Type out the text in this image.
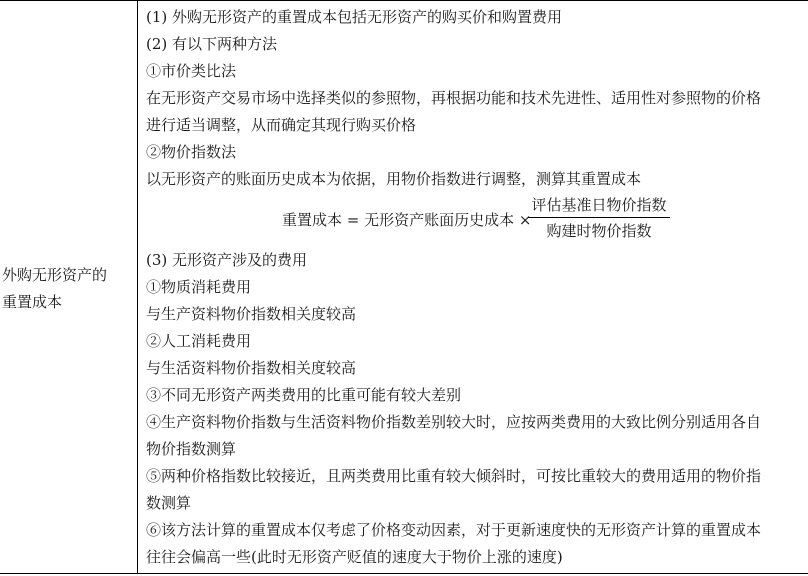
外购无形资产的
重置成本
(1) 外购无形资产的重置成本包括无形资产的购买价和购置费用
(2) 有以下两种方法
①市价类比法
在无形资产交易市场中选择类似的参照物，再根据功能和技术先进性、适用性对参照物的价格
进行适当调整，从而确定其现行购买价格
②物价指数法
以无形资产的账面历史成本为依据，用物价指数进行调整，测算其重置成本
重置成本 = 无形资产账面历史成本 ×
评估基准日物价指数
购建时物价指数
(3) 无形资产涉及的费用
①物质消耗费用
与生产资料物价指数相关度较高
②人工消耗费用
与生活资料物价指数相关度较高
③不同无形资产两类费用的比重可能有较大差别
④生产资料物价指数与生活资料物价指数差别较大时，应按两类费用的大致比例分别适用各自
物价指数测算
⑤两种价格指数比较接近，且两类费用比重有较大倾斜时，可按比重较大的费用适用的物价指
数测算
⑥该方法计算的重置成本仅考虑了价格变动因素，对于更新速度快的无形资产计算的重置成本
往往会偏高一些(此时无形资产贬值的速度大于物价上涨的速度)
